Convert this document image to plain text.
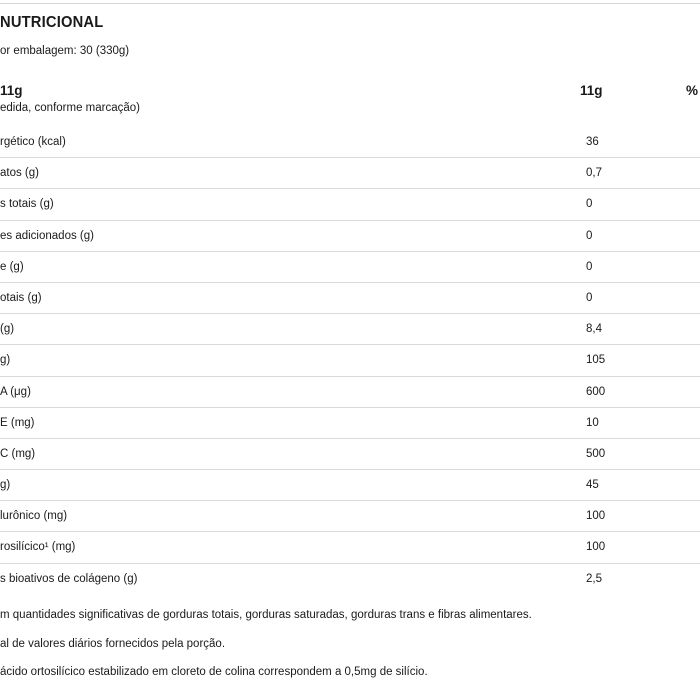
NUTRICIONAL
or embalagem: 30 (330g)
11g
edida, conforme marcação)
11g	%
rgético (kcal)	36
atos (g)	0,7
s totais (g)	0
es adicionados (g)	0
e (g)	0
otais (g)	0
(g)	8,4
g)	105
A (μg)	600
E (mg)	10
C (mg)	500
g)	45
lurônico (mg)	100
rosilícico¹ (mg)	100
s bioativos de colágeno (g)	2,5
m quantidades significativas de gorduras totais, gorduras saturadas, gorduras trans e fibras alimentares.
al de valores diários fornecidos pela porção.
ácido ortosilícico estabilizado em cloreto de colina correspondem a 0,5mg de silício.
